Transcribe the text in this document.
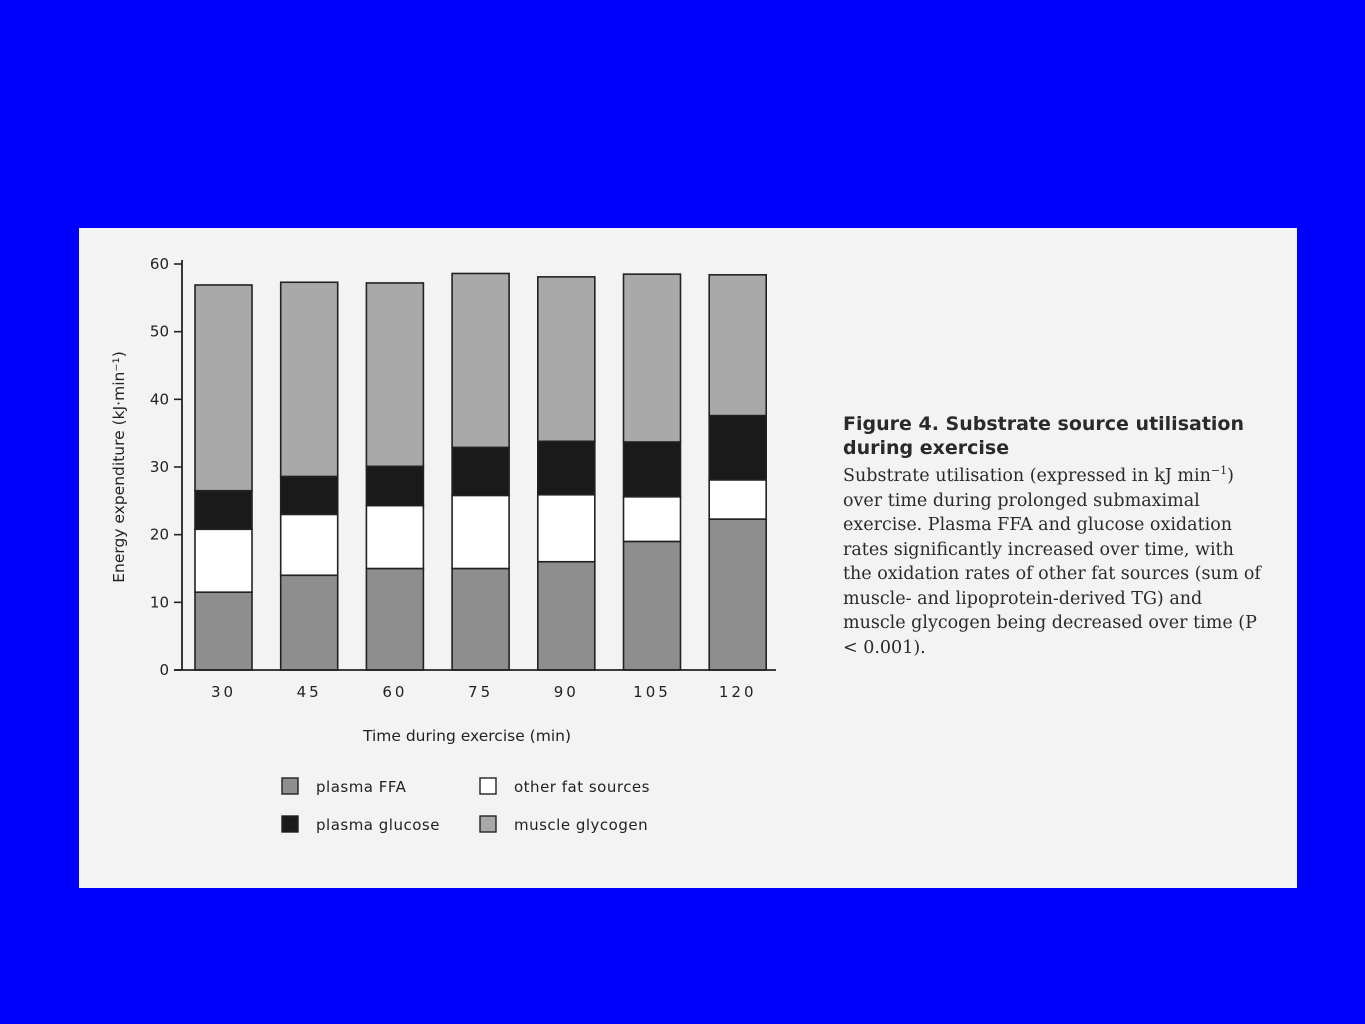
30	45	60	75	90	105	120
0
10
20
30
40
50
60
Energy expenditure (kJ·min⁻¹)
Time during exercise (min)
plasma FFA	other fat sources
plasma glucose	muscle glycogen
Figure 4. Substrate source utilisation during exercise
Substrate utilisation (expressed in kJ $\min^{-1}$) over time during prolonged submaximal exercise. Plasma FFA and glucose oxidation rates significantly increased over time, with the oxidation rates of other fat sources (sum of muscle- and lipoprotein-derived TG) and muscle glycogen being decreased over time (P < 0.001).
